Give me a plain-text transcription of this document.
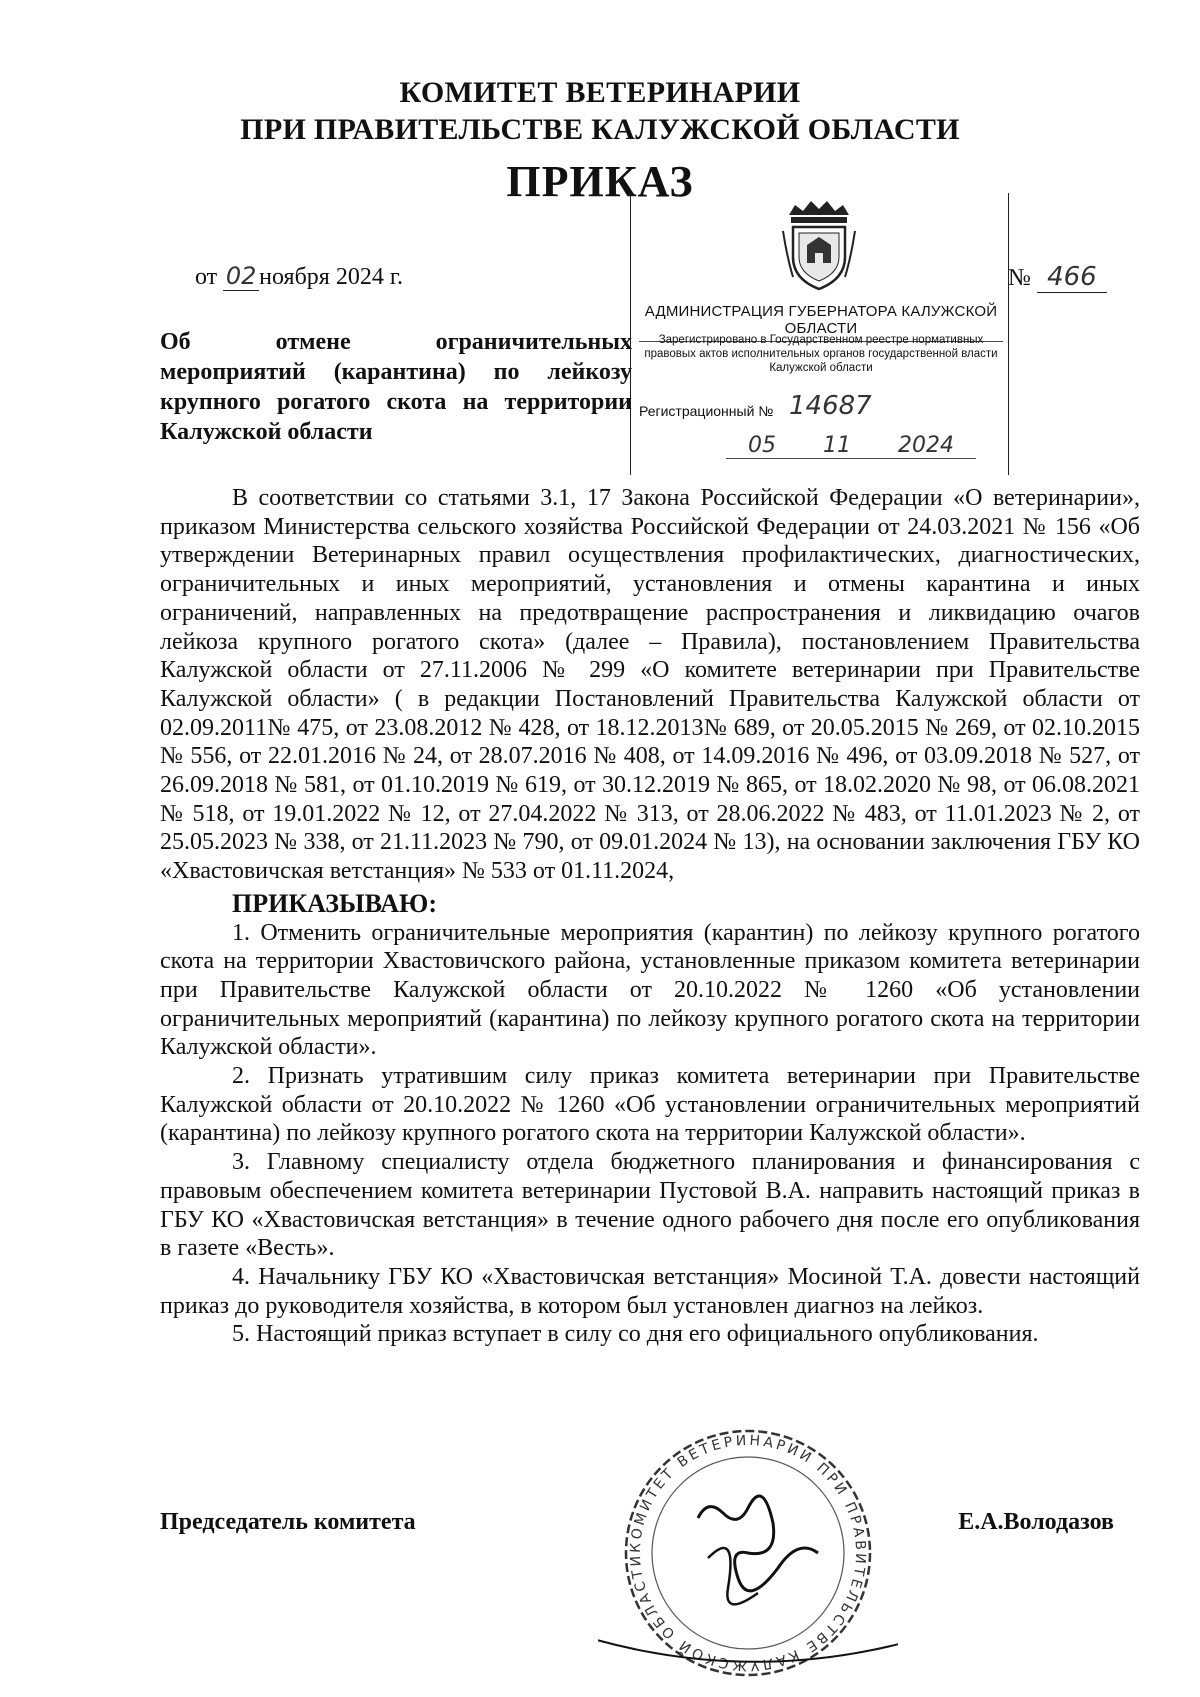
КОМИТЕТ ВЕТЕРИНАРИИ
ПРИ ПРАВИТЕЛЬСТВЕ КАЛУЖСКОЙ ОБЛАСТИ
ПРИКАЗ
от 02 ноября 2024 г.	№ 466
Об	отмене	ограничительных
мероприятий (карантина) по лейкозу
крупного рогатого скота на территории
Калужской области
АДМИНИСТРАЦИЯ ГУБЕРНАТОРА КАЛУЖСКОЙ ОБЛАСТИ
Зарегистрировано в Государственном реестре нормативных
правовых актов исполнительных органов государственной власти
Калужской области
Регистрационный № 14687
05 11 2024

В соответствии со статьями 3.1, 17 Закона Российской Федерации «О ветеринарии», приказом Министерства сельского хозяйства Российской Федерации от 24.03.2021 № 156 «Об утверждении Ветеринарных правил осуществления профилактических, диагностических, ограничительных и иных мероприятий, установления и отмены карантина и иных ограничений, направленных на предотвращение распространения и ликвидацию очагов лейкоза крупного рогатого скота» (далее – Правила), постановлением Правительства Калужской области от 27.11.2006 № 299 «О комитете ветеринарии при Правительстве Калужской области» ( в редакции Постановлений Правительства Калужской области от 02.09.2011№ 475, от 23.08.2012 № 428, от 18.12.2013№ 689, от 20.05.2015 № 269, от 02.10.2015 № 556, от 22.01.2016 № 24, от 28.07.2016 № 408, от 14.09.2016 № 496, от 03.09.2018 № 527, от 26.09.2018 № 581, от 01.10.2019 № 619, от 30.12.2019 № 865, от 18.02.2020 № 98, от 06.08.2021 № 518, от 19.01.2022 № 12, от 27.04.2022 № 313, от 28.06.2022 № 483, от 11.01.2023 № 2, от 25.05.2023 № 338, от 21.11.2023 № 790, от 09.01.2024 № 13), на основании заключения ГБУ КО «Хвастовичская ветстанция» № 533 от 01.11.2024,

ПРИКАЗЫВАЮ:

1. Отменить ограничительные мероприятия (карантин) по лейкозу крупного рогатого скота на территории Хвастовичского района, установленные приказом комитета ветеринарии при Правительстве Калужской области от 20.10.2022 № 1260 «Об установлении ограничительных мероприятий (карантина) по лейкозу крупного рогатого скота на территории Калужской области».

2. Признать утратившим силу приказ комитета ветеринарии при Правительстве Калужской области от 20.10.2022 № 1260 «Об установлении ограничительных мероприятий (карантина) по лейкозу крупного рогатого скота на территории Калужской области».

3. Главному специалисту отдела бюджетного планирования и финансирования с правовым обеспечением комитета ветеринарии Пустовой В.А. направить настоящий приказ в ГБУ КО «Хвастовичская ветстанция» в течение одного рабочего дня после его опубликования в газете «Весть».

4. Начальнику ГБУ КО «Хвастовичская ветстанция» Мосиной Т.А. довести настоящий приказ до руководителя хозяйства, в котором был установлен диагноз на лейкоз.

5. Настоящий приказ вступает в силу со дня его официального опубликования.

КОМИТЕТ ВЕТЕРИНАРИИ ПРИ ПРАВИТЕЛЬСТВЕ КАЛУЖСКОЙ ОБЛАСТИ
Председатель комитета	Е.А.Володазов
